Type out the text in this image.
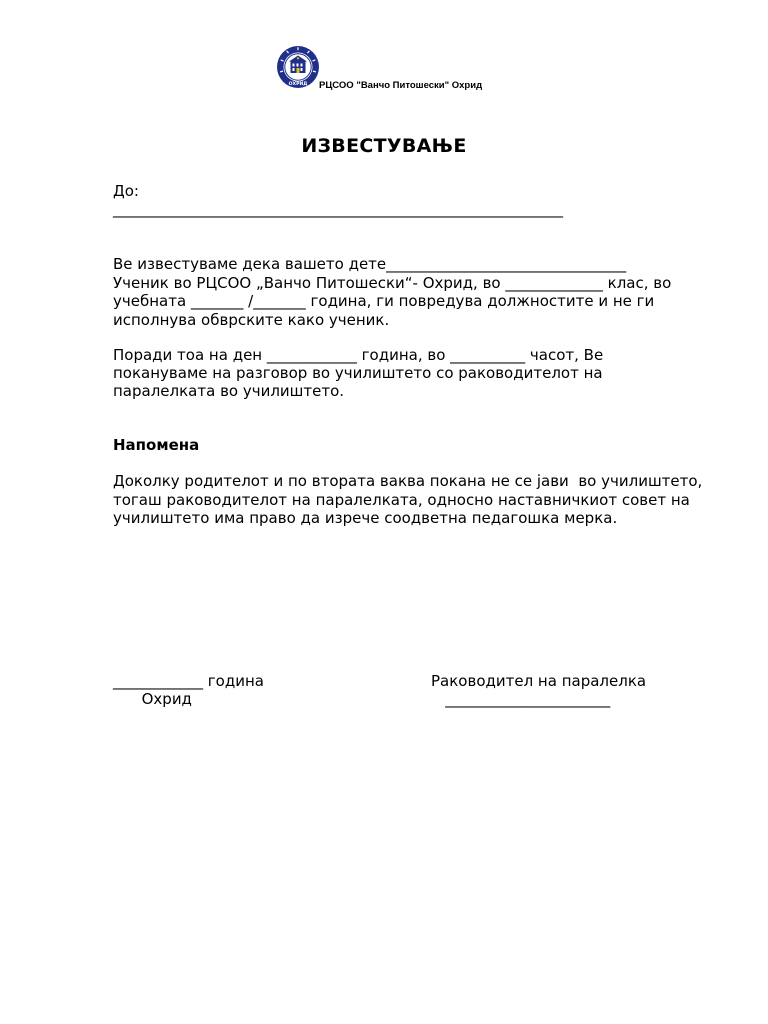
ОХРИД РЦСОО "Ванчо Питошески" Охрид
ИЗВЕСТУВАЊЕ
До:
____________________________________________________________
Ве известуваме дека вашето дете________________________________
Ученик во РЦСОО „Ванчо Питошески“- Охрид, во _____________ клас, во
учебната _______ /_______ година, ги повредува должностите и не ги
исполнува обврските како ученик.
Поради тоа на ден ____________ година, во __________ часот, Ве
покануваме на разговор во училиштето со раководителот на
паралелката во училиштето.
Напомена
Доколку родителот и по втората ваква покана не се јави  во училиштето,
тогаш раководителот на паралелката, односно наставничкиот совет на
училиштето има право да изрече соодветна педагошка мерка.
____________ година
Охрид
Раководител на паралелка
______________________
